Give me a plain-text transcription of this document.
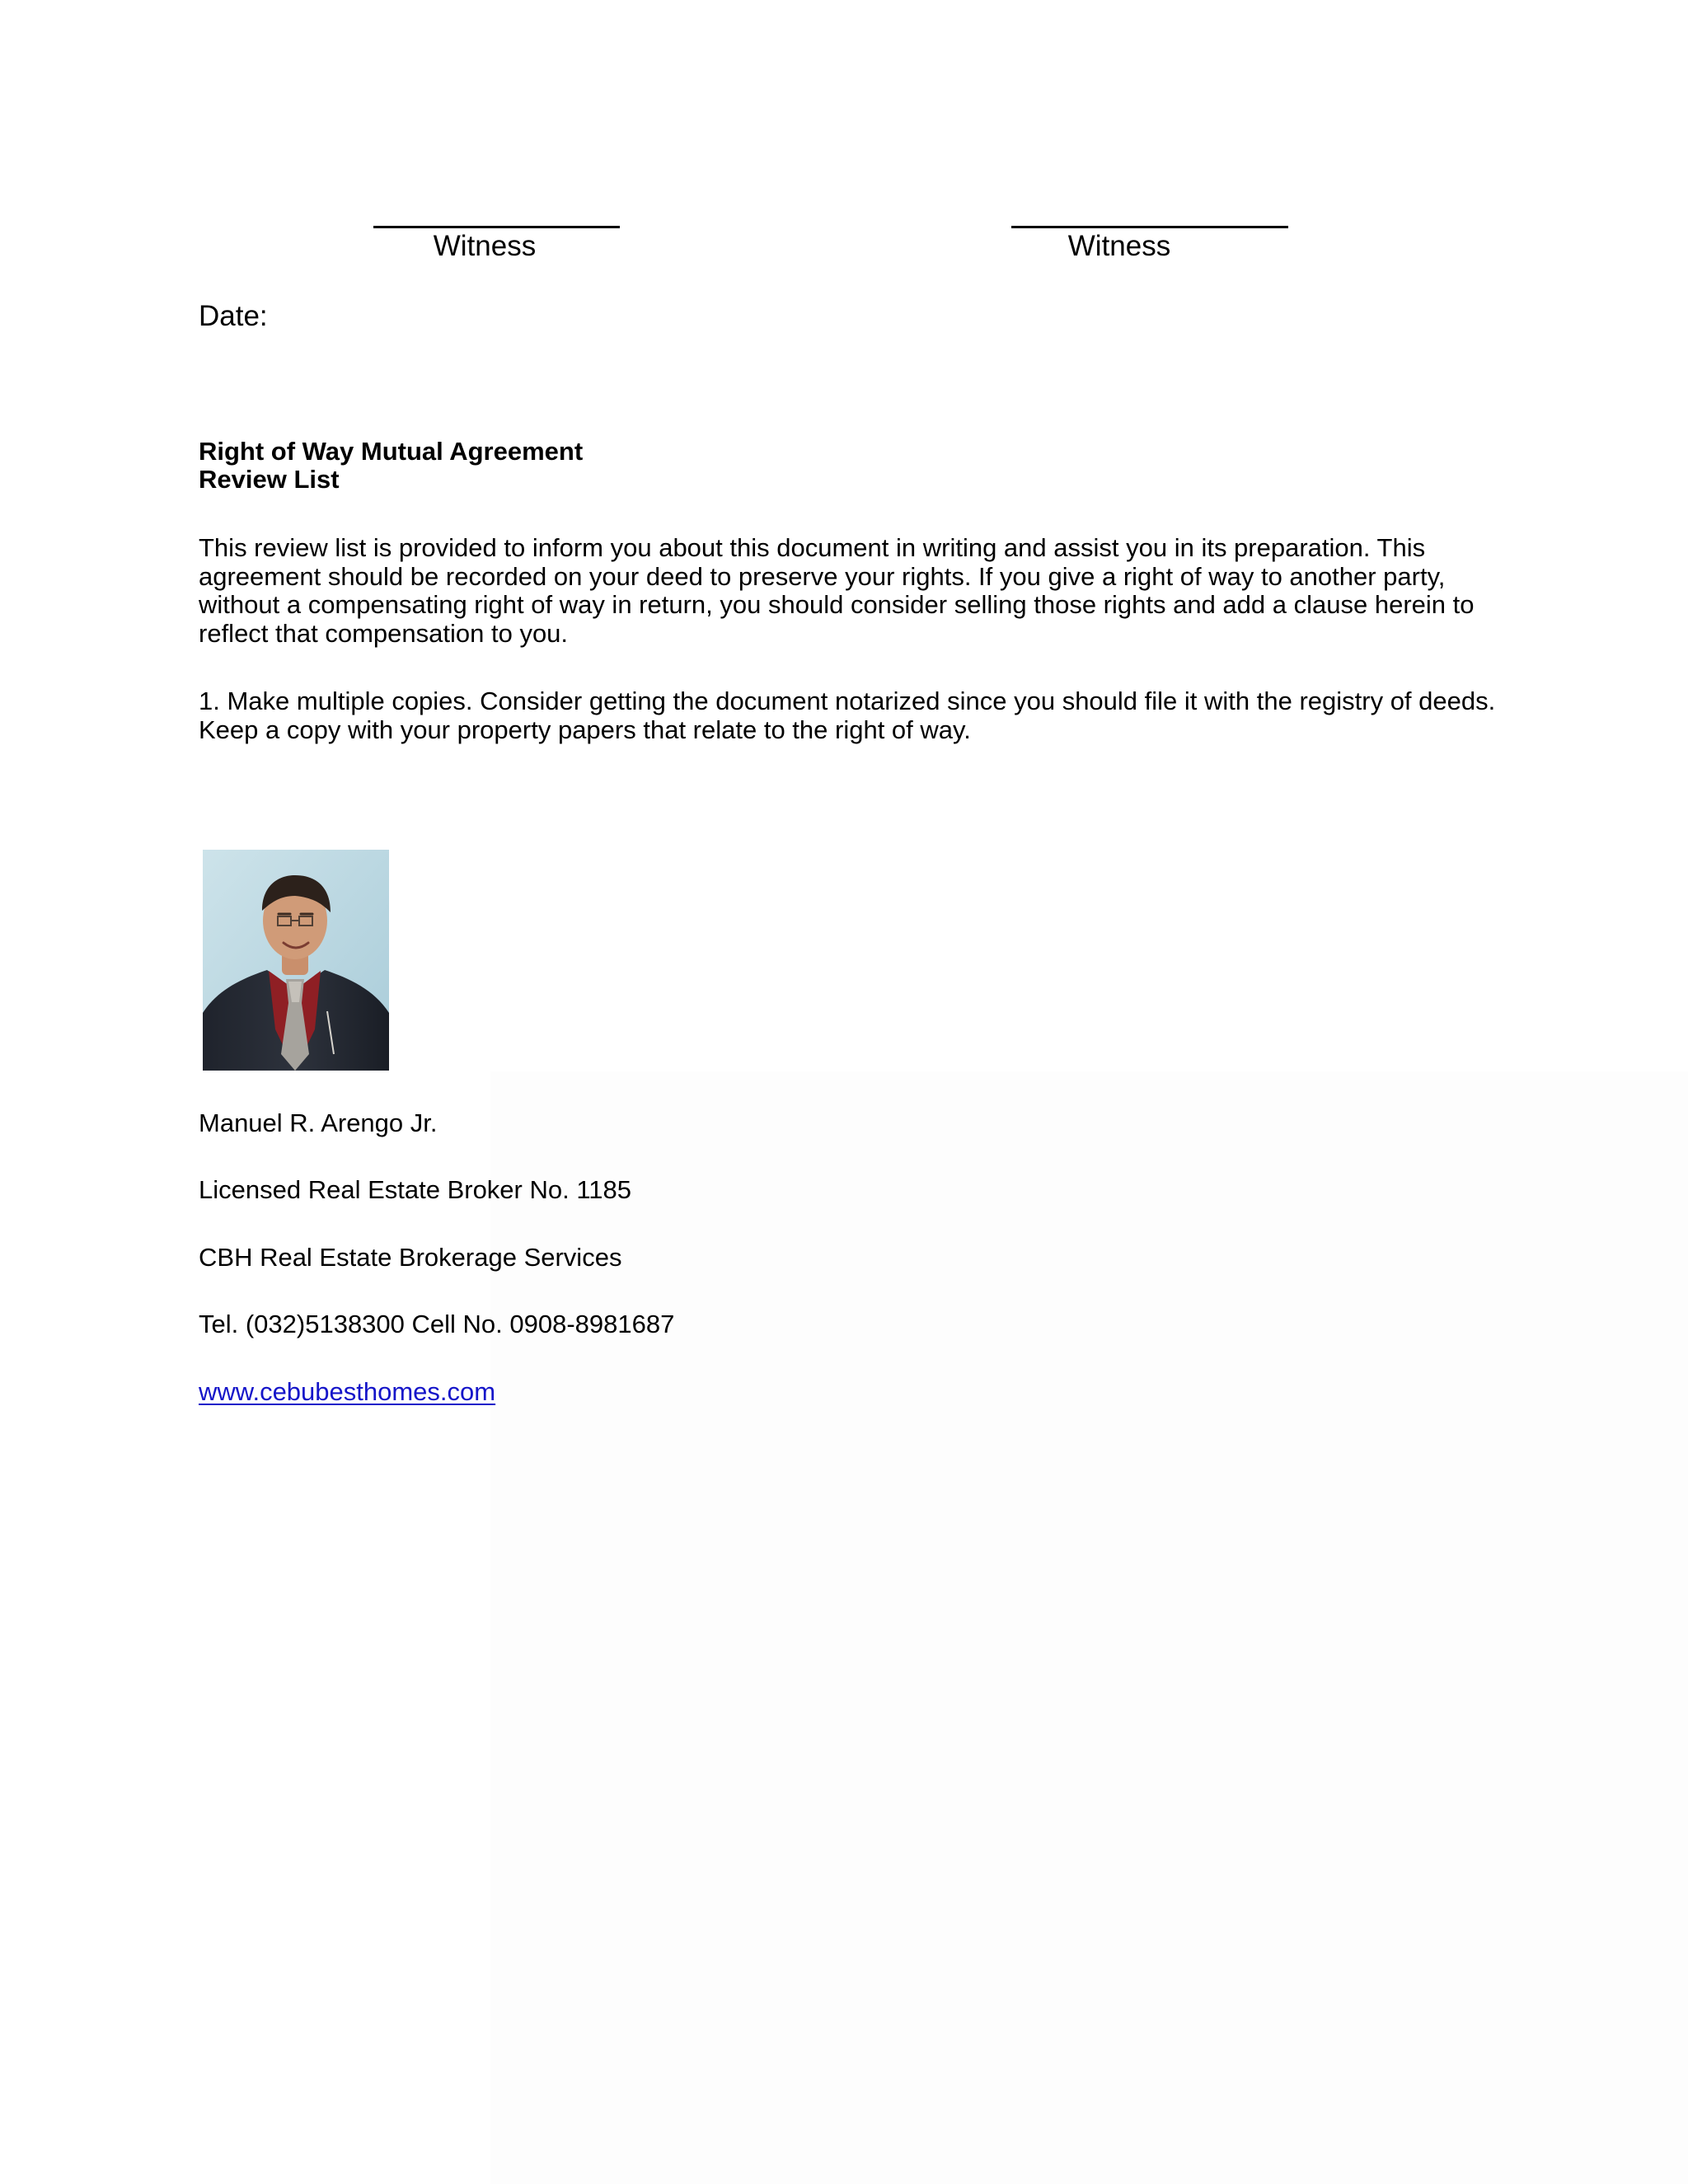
Witness	Witness
Date:
Right of Way Mutual Agreement
Review List
This review list is provided to inform you about this document in writing and assist you in its preparation. This
agreement should be recorded on your deed to preserve your rights. If you give a right of way to another party,
without a compensating right of way in return, you should consider selling those rights and add a clause herein to
reflect that compensation to you.
1. Make multiple copies. Consider getting the document notarized since you should file it with the registry of deeds.
Keep a copy with your property papers that relate to the right of way.
Manuel R. Arengo Jr.
Licensed Real Estate Broker No. 1185
CBH Real Estate Brokerage Services
Tel. (032)5138300 Cell No. 0908-8981687
www.cebubesthomes.com
